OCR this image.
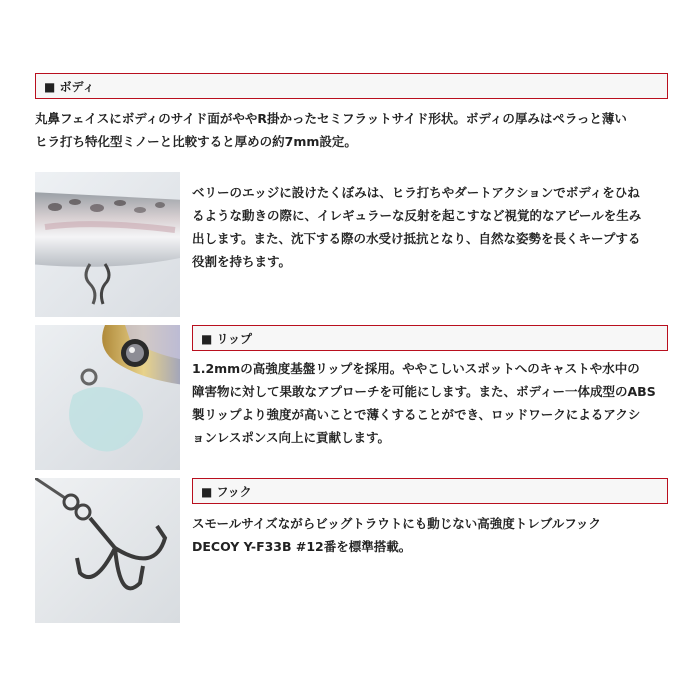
■ ボディ
丸鼻フェイスにボディのサイド面がややR掛かったセミフラットサイド形状。ボディの厚みはペラっと薄い
ヒラ打ち特化型ミノーと比較すると厚めの約7mm設定。
ベリーのエッジに設けたくぼみは、ヒラ打ちやダートアクションでボディをひね
るような動きの際に、イレギュラーな反射を起こすなど視覚的なアピールを生み
出します。また、沈下する際の水受け抵抗となり、自然な姿勢を長くキープする
役割を持ちます。
■ リップ
1.2mmの高強度基盤リップを採用。ややこしいスポットへのキャストや水中の
障害物に対して果敢なアプローチを可能にします。また、ボディー一体成型のABS
製リップより強度が高いことで薄くすることができ、ロッドワークによるアクシ
ョンレスポンス向上に貢献します。
■ フック
スモールサイズながらビッグトラウトにも動じない高強度トレブルフック
DECOY Y-F33B #12番を標準搭載。
